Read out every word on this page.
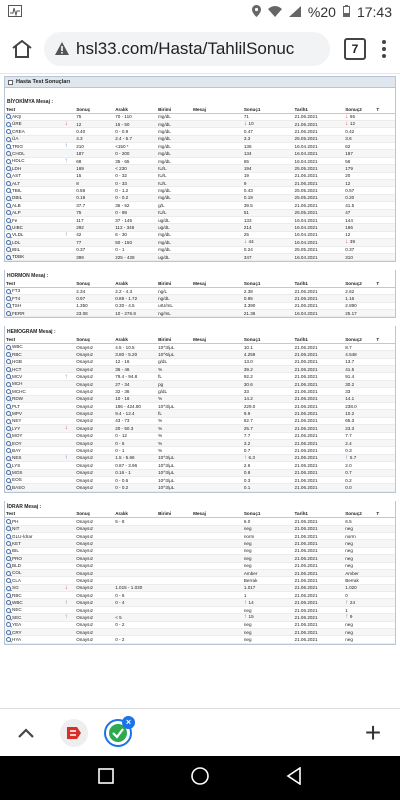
%20 17:43
hsl33.com/Hasta/TahlilSonuc	7
Hasta Test Sonuçları
BİYOKİMYA Mesaj :
Test		Sonuç	Aralık	Birimi	Mesaj	Sonuç1	Tarih1	Sonuç2	T
AKŞ		75	70 - 110	mg/dL		71	21.06.2021	↓ 65	
ÜRE	↓	12	15 - 50	mg/dL		↓ 10	21.06.2021	↓ 12	
CREA		0.40	0 - 0.9	mg/dL		0.47	21.06.2021	0.42	
ÜA		4.3	2.4 - 5.7	mg/dL		3.3	25.05.2021	3.6	
TRIG	↑	210	<150 *	mg/dL		136	16.04.2021	62	
CHOL		187	0 - 200	mg/dL		134	16.04.2021	187	
HDLC	↑	68	35 - 65	mg/dL		65	16.04.2021	56	
LDH		169	< 230	IU/L		194	25.05.2021	179	
AST		15	0 - 32	IU/L		19	21.06.2021	20	
ALT		8	0 - 33	IU/L		9	21.06.2021	12	
TBIL		0.56	0 - 1.2	mg/dL		0.43	25.05.2021	0.57	
DBIL		0.19	0 - 0.2	mg/dL		0.19	25.05.2021	0.20	
ALB		37.7	35 - 52	g/L		39.5	21.06.2021	41.5	
ALP		75	0 - 98	IU/L		51	25.05.2021	47	
Fe		117	37 - 145	ug/dL		133	16.04.2021	144	
UIBC		292	112 - 346	ug/dL		214	16.04.2021	166	
VLDL	↑	42	6 - 30	mg/dL		25	16.04.2021	12	
LDL		77	50 - 150	mg/dL		↓ 44	16.04.2021	↓ 39	
IBIL		0.37	0 - 1	mg/dL		0.24	25.05.2021	0.37	
TDBK		399	225 - 428	ug/dL		347	16.04.2021	310	
HORMON Mesaj :
Test		Sonuç	Aralık	Birimi	Mesaj	Sonuç1	Tarih1	Sonuç2	T
FT3		2.34	2.2 - 4.3	ng/L		2.38	21.06.2021	2.62	
FT4		0.97	0.88 - 1.72	ng/dL		0.95	21.06.2021	1.16	
TSH		1.350	0.30 - 4.5	uIU/mL		3.390	21.06.2021	2.890	
FERR		23.08	10 - 276.8	ng/mL		21.36	16.04.2021	25.17	
HEMOGRAM Mesaj :
Test		Sonuç	Aralık	Birimi	Mesaj	Sonuç1	Tarih1	Sonuç2	T
WBC		Onaysız	4.5 - 10.5	10^3/μL		10.1	21.06.2021	8.7	
RBC		Onaysız	3.80 - 5.20	10^6/μL		4.259	21.06.2021	4.548	
HGB		Onaysız	12 - 16	g/dL		13.0	21.06.2021	13.7	
HCT		Onaysız	36 - 46	%		39.2	21.06.2021	41.5	
MCV	↑	Onaysız	79.4 - 94.8	fL		92.2	21.06.2021	91.4	
MCH		Onaysız	27 - 34	pg		30.6	21.06.2021	30.2	
MCHC		Onaysız	32 - 36	g/dL		33	21.06.2021	33	
RDW		Onaysız	10 - 16	%		14.2	21.06.2021	14.1	
PLT		Onaysız	186 - 424.80	10^3/μL		229.0	21.06.2021	238.0	
MPV		Onaysız	9.4 - 12.4	fL		9.9	21.06.2021	10.2	
NEY		Onaysız	43 - 73	%		62.7	21.06.2021	65.3	
LYY	↓	Onaysız	20 - 50.3	%		25.7	21.06.2021	23.3	
MOY		Onaysız	0 - 12	%		7.7	21.06.2021	7.7	
EOY		Onaysız	0 - 5	%		3.2	21.06.2021	2.4	
BAY		Onaysız	0 - 1	%		0.7	21.06.2021	0.3	
NES	↑	Onaysız	1.5 - 5.66	10^3/μL		↑ 6.3	21.06.2021	↑ 5.7	
LYS		Onaysız	0.87 - 3.96	10^3/μL		2.6	21.06.2021	2.0	
MOS		Onaysız	0.16 - 1	10^3/μL		0.8	21.06.2021	0.7	
EOS		Onaysız	0 - 0.6	10^3/μL		0.3	21.06.2021	0.2	
BASO		Onaysız	0 - 0.2	10^3/μL		0.1	21.06.2021	0.0	
İDRAR Mesaj :
Test		Sonuç	Aralık	Birimi	Mesaj	Sonuç1	Tarih1	Sonuç2	T
PH		Onaysız	5 - 8			6.0	21.06.2021	6.5	
NIT		Onaysız				neg	21.06.2021	neg	
GLU-İdrar		Onaysız				norm	21.06.2021	norm	
KET		Onaysız				neg	21.06.2021	neg	
BIL		Onaysız				neg	21.06.2021	neg	
PRO		Onaysız				neg	21.06.2021	neg	
BLD		Onaysız				neg	21.06.2021	neg	
COL		Onaysız				Amber	21.06.2021	Amber	
CLA		Onaysız				Berrak	21.06.2021	Berrak	
SG	↓	Onaysız	1.015 - 1.030			1.017	21.06.2021	1.020	
RBC		Onaysız	0 - 5			1	21.06.2021	0	
WBC	↑	Onaysız	0 - 4			↑ 14	21.06.2021	↑ 24	
NEC		Onaysız				neg	21.06.2021	1	
SEC	↑	Onaysız	< 5			↑ 15	21.06.2021	↑ 9	
YEA		Onaysız	0 - 2			neg	21.06.2021	neg	
CRY		Onaysız				neg	21.06.2021	neg	
HYA		Onaysız	0 - 2			neg	21.06.2021	neg	
×	+
